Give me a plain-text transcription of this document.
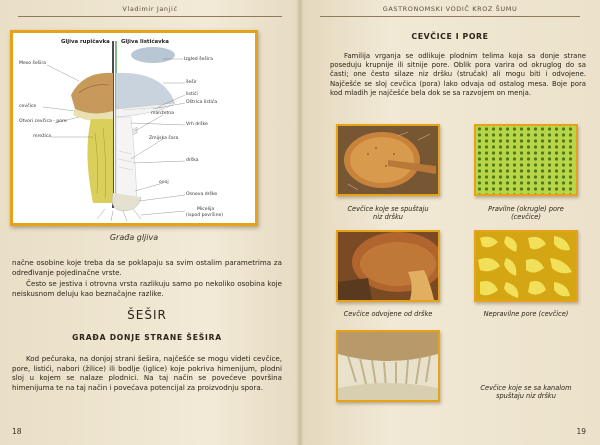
Vladimir Janjić
Gljiva rupičavka Gljiva listićavka
Meso šešira
cevčice
Otvori cevčica - pore
mrežica
Izgled šešira
šešir
listići
Oštrica listića
manžetna
Vrh drške
Zmijska šara
drška
ovoj
Osnova drške
Micelija
(ispod površine)
Građa gljiva
načne osobine koje treba da se poklapaju sa svim ostalim parametrima za određivanje pojedinačne vrste.
Često se jestiva i otrovna vrsta razlikuju samo po nekoliko osobina koje neiskusnom deluju kao beznačajne razlike.
ŠEŠIR
GRAĐA DONJE STRANE ŠEŠIRA
Kod pečuraka, na donjoj strani šešira, najčešće se mogu videti cevčice, pore, listići, nabori (žilice) ili bodlje (iglice) koje pokriva himenijum, plodni sloj u kojem se nalaze plodnici. Na taj način se povećeve površina himenijuma te na taj način i povećava potencijal za proizvodnju spora.
18
GASTRONOMSKI VODIČ KROZ ŠUMU
CEVČICE I PORE
Familija vrganja se odlikuje plodnim telima koja sa donje strane poseduju krupnije ili sitnije pore. Oblik pora varira od okruglog do sa časti; one često silaze niz dršku (stručak) ali mogu biti i odvojene. Najčešće se sloj cevčica (pora) lako odvaja od ostalog mesa. Boje pora kod mladih je najčešće bela dok se sa razvojem on menja.
Cevčice koje se spuštaju
niz dršku
Pravilne (okrugle) pore
(cevčice)
Cevčice odvojene od drške	Nepravilne pore (cevčice)
Cevčice koje se sa kanalom
spuštaju niz dršku
19
